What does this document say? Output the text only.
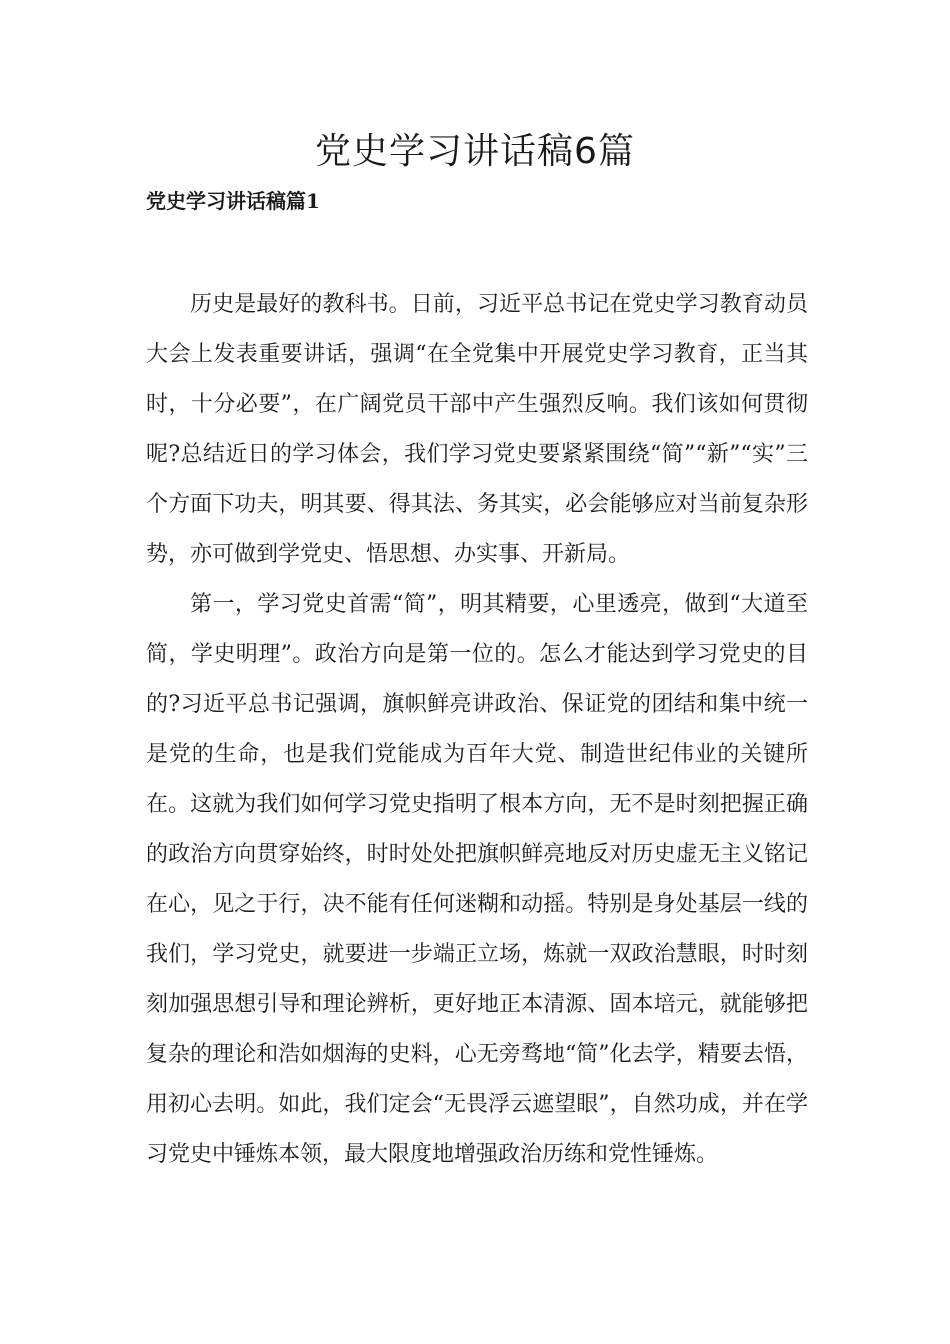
党史学习讲话稿6篇
党史学习讲话稿篇1

历史是最好的教科书。日前，习近平总书记在党史学习教育动员大会上发表重要讲话，强调“在全党集中开展党史学习教育，正当其时，十分必要”，在广阔党员干部中产生强烈反响。我们该如何贯彻呢?总结近日的学习体会，我们学习党史要紧紧围绕“简”“新”“实”三个方面下功夫，明其要、得其法、务其实，必会能够应对当前复杂形势，亦可做到学党史、悟思想、办实事、开新局。

第一，学习党史首需“简”，明其精要，心里透亮，做到“大道至简，学史明理”。政治方向是第一位的。怎么才能达到学习党史的目的?习近平总书记强调，旗帜鲜亮讲政治、保证党的团结和集中统一是党的生命，也是我们党能成为百年大党、制造世纪伟业的关键所在。这就为我们如何学习党史指明了根本方向，无不是时刻把握正确的政治方向贯穿始终，时时处处把旗帜鲜亮地反对历史虚无主义铭记在心，见之于行，决不能有任何迷糊和动摇。特别是身处基层一线的我们，学习党史，就要进一步端正立场，炼就一双政治慧眼，时时刻刻加强思想引导和理论辨析，更好地正本清源、固本培元，就能够把复杂的理论和浩如烟海的史料，心无旁骛地“简”化去学，精要去悟，用初心去明。如此，我们定会“无畏浮云遮望眼”，自然功成，并在学习党史中锤炼本领，最大限度地增强政治历练和党性锤炼。
